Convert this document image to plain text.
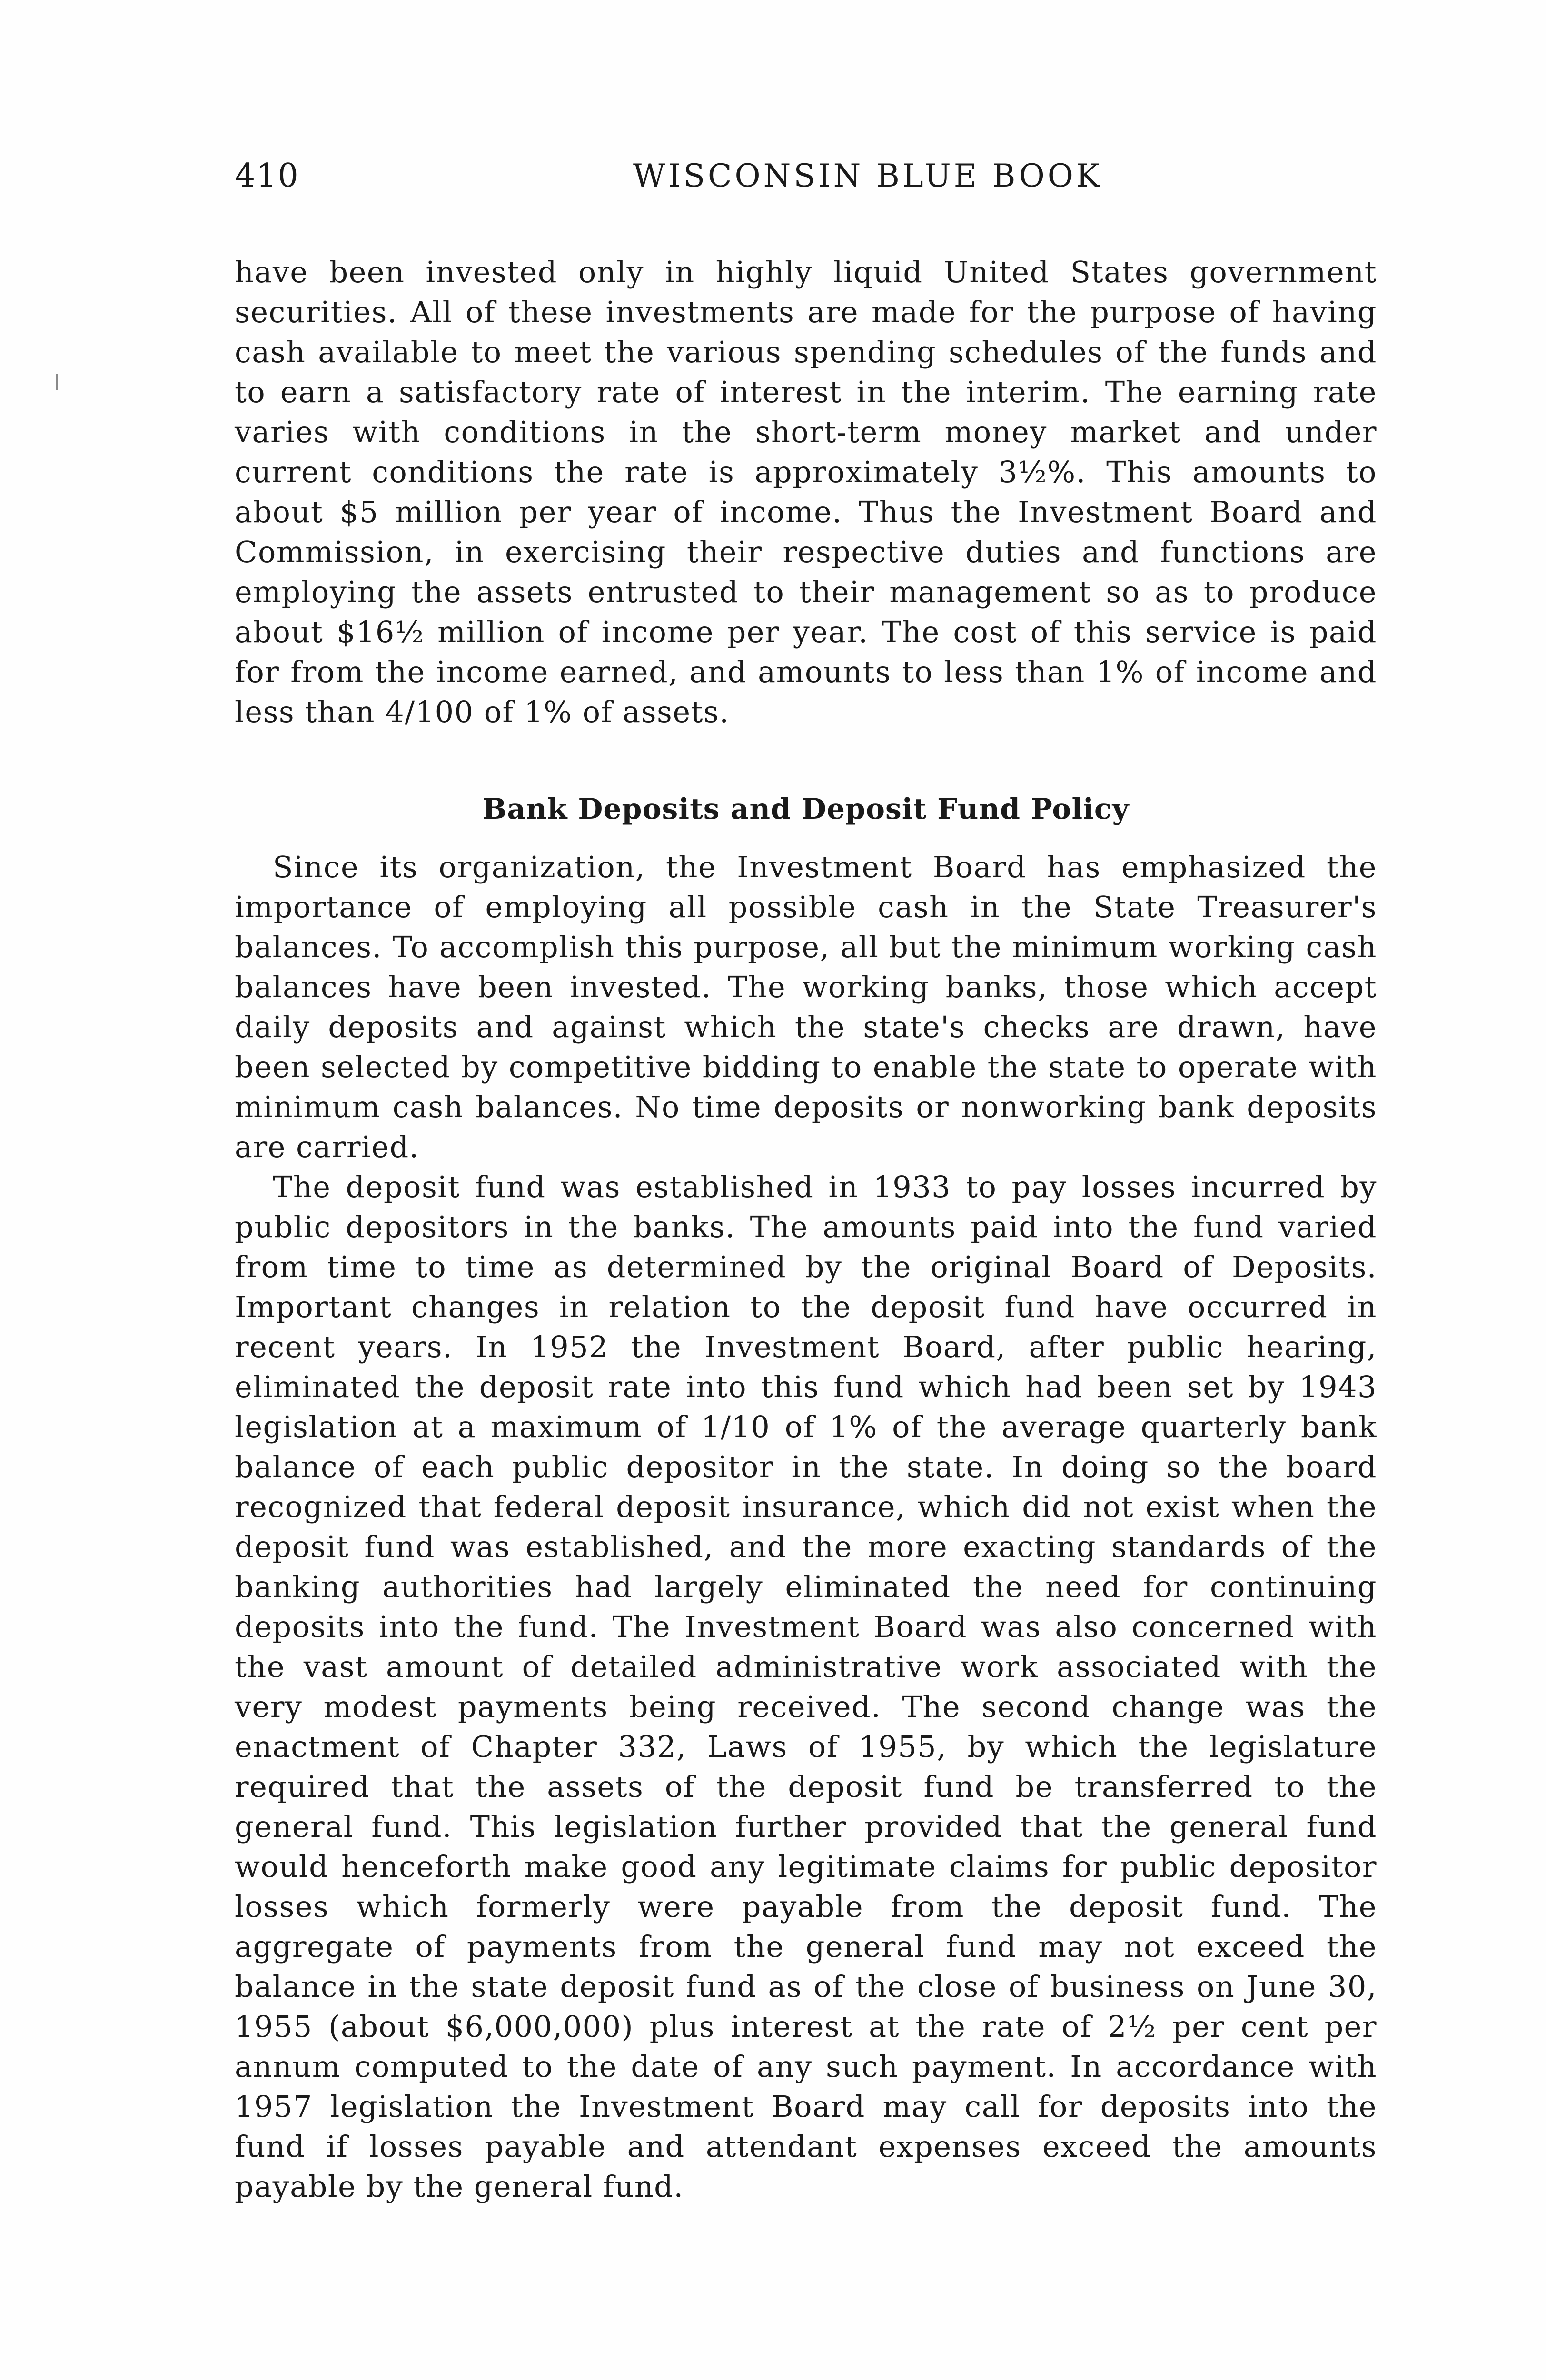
410	WISCONSIN BLUE BOOK

have been invested only in highly liquid United States government securities. All of these investments are made for the purpose of having cash available to meet the various spending schedules of the funds and to earn a satisfactory rate of interest in the interim. The earning rate varies with conditions in the short-term money market and under current conditions the rate is approximately 3½%. This amounts to about $5 million per year of income. Thus the Investment Board and Commission, in exercising their respective duties and functions are employing the assets entrusted to their management so as to produce about $16½ million of income per year. The cost of this service is paid for from the income earned, and amounts to less than 1% of income and less than 4/100 of 1% of assets.

Bank Deposits and Deposit Fund Policy

Since its organization, the Investment Board has emphasized the importance of employing all possible cash in the State Treasurer's balances. To accomplish this purpose, all but the minimum working cash balances have been invested. The working banks, those which accept daily deposits and against which the state's checks are drawn, have been selected by competitive bidding to enable the state to operate with minimum cash balances. No time deposits or nonworking bank deposits are carried.

The deposit fund was established in 1933 to pay losses incurred by public depositors in the banks. The amounts paid into the fund varied from time to time as determined by the original Board of Deposits. Important changes in relation to the deposit fund have occurred in recent years. In 1952 the Investment Board, after public hearing, eliminated the deposit rate into this fund which had been set by 1943 legislation at a maximum of 1/10 of 1% of the average quarterly bank balance of each public depositor in the state. In doing so the board recognized that federal deposit insurance, which did not exist when the deposit fund was established, and the more exacting standards of the banking authorities had largely eliminated the need for continuing deposits into the fund. The Investment Board was also concerned with the vast amount of detailed administrative work associated with the very modest payments being received. The second change was the enactment of Chapter 332, Laws of 1955, by which the legislature required that the assets of the deposit fund be transferred to the general fund. This legislation further provided that the general fund would henceforth make good any legitimate claims for public depositor losses which formerly were payable from the deposit fund. The aggregate of payments from the general fund may not exceed the balance in the state deposit fund as of the close of business on June 30, 1955 (about $6,000,000) plus interest at the rate of 2½ per cent per annum computed to the date of any such payment. In accordance with 1957 legislation the Investment Board may call for deposits into the fund if losses payable and attendant expenses exceed the amounts payable by the general fund.
